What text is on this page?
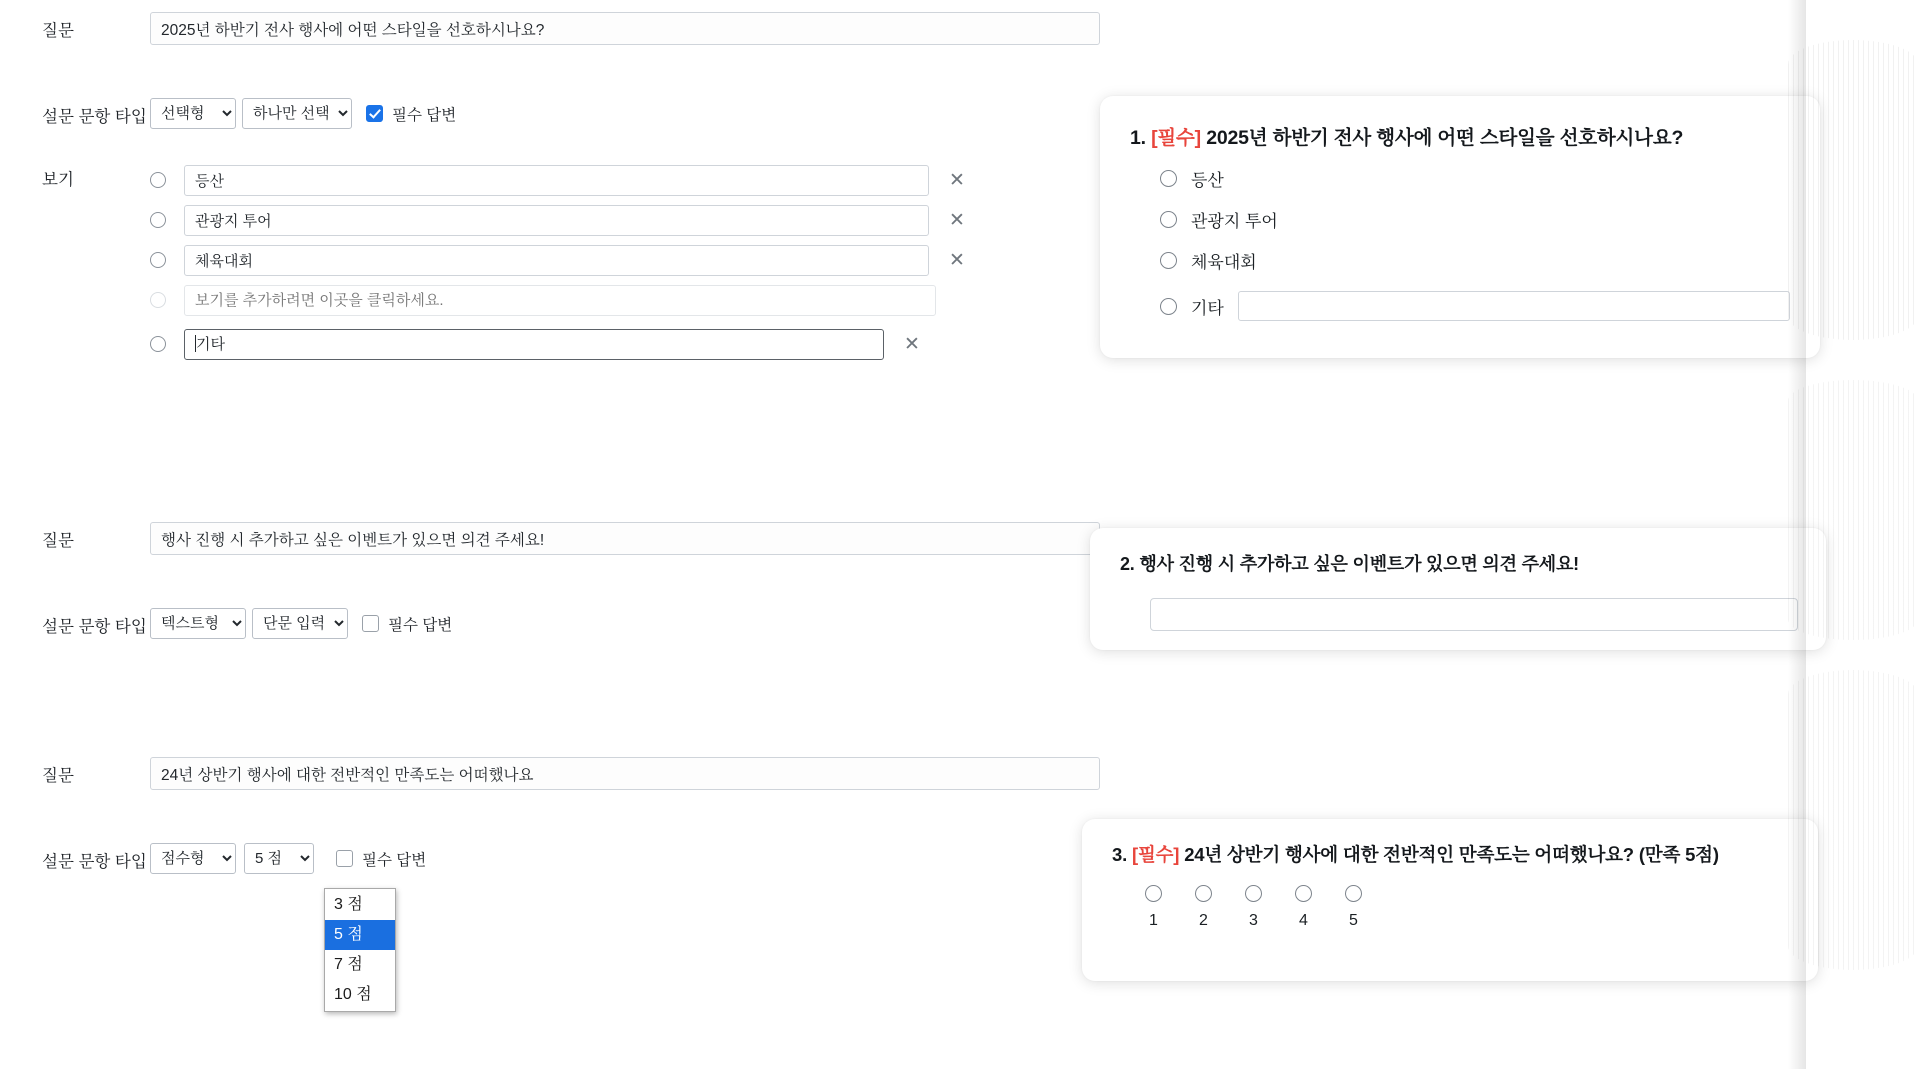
질문
2025년 하반기 전사 행사에 어떤 스타일을 선호하시나요?
설문 문항 타입
선택형
하나만 선택	필수 답변
보기
등산	✕
관광지 투어
✕
체육대회
✕
보기를 추가하려면 이곳을 클릭하세요.
기타	✕
질문
행사 진행 시 추가하고 싶은 이벤트가 있으면 의견 주세요!
설문 문항 타입
텍스트형
단문 입력	필수 답변
질문
24년 상반기 행사에 대한 전반적인 만족도는 어떠했나요
설문 문항 타입
점수형
5 점	필수 답변
3 점
5 점
7 점
10 점
1. [필수] 2025년 하반기 전사 행사에 어떤 스타일을 선호하시나요?
등산
관광지 투어
체육대회
기타
2. 행사 진행 시 추가하고 싶은 이벤트가 있으면 의견 주세요!
3. [필수] 24년 상반기 행사에 대한 전반적인 만족도는 어떠했나요? (만족 5점)
1	2	3	4	5
